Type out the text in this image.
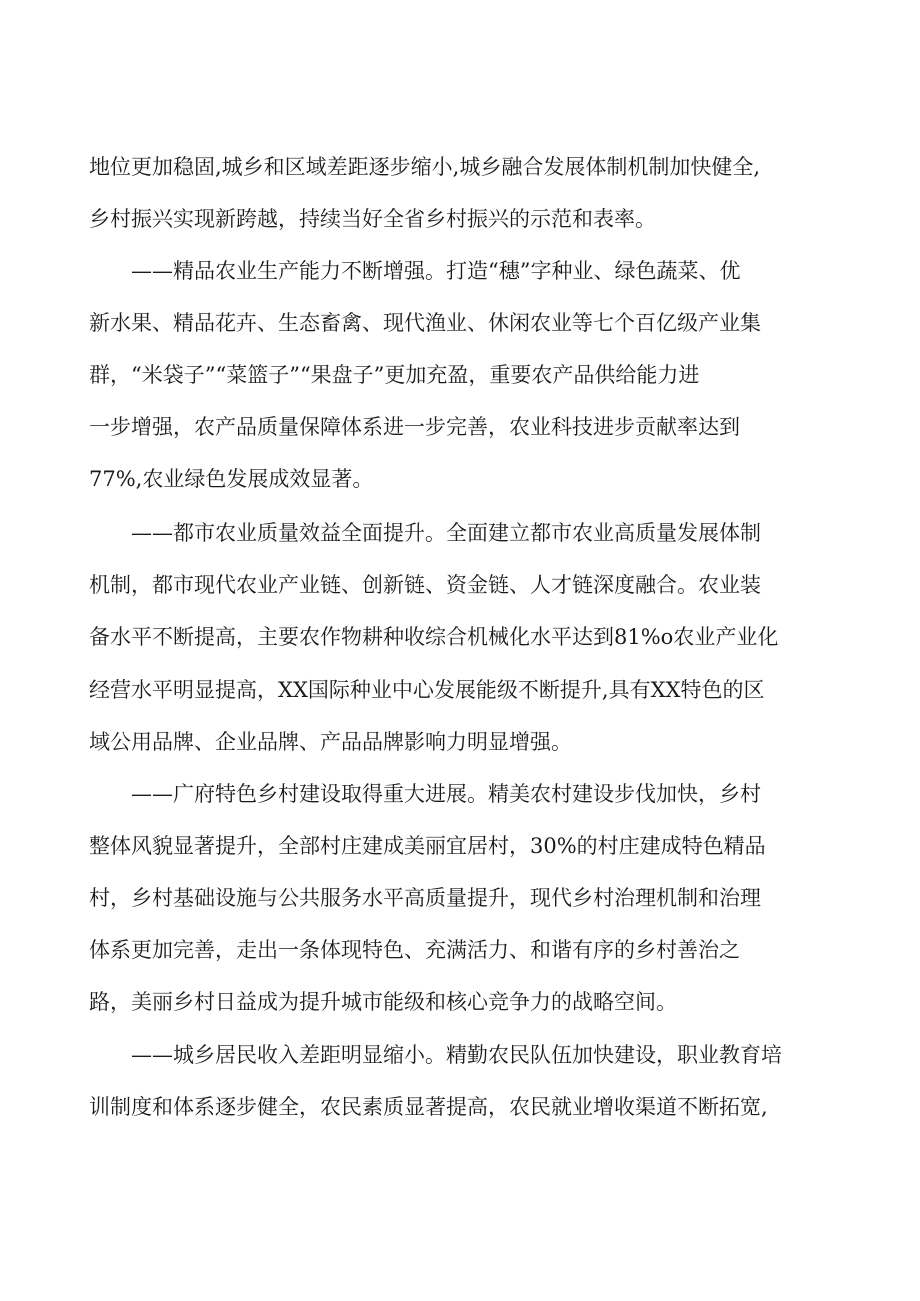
地位更加稳固,城乡和区域差距逐步缩小,城乡融合发展体制机制加快健全,
乡村振兴实现新跨越，持续当好全省乡村振兴的示范和表率。
——精品农业生产能力不断增强。打造“穗”字种业、绿色蔬菜、优
新水果、精品花卉、生态畜禽、现代渔业、休闲农业等七个百亿级产业集
群，“米袋子”“菜篮子”“果盘子”更加充盈，重要农产品供给能力进
一步增强，农产品质量保障体系进一步完善，农业科技进步贡献率达到
77%,农业绿色发展成效显著。
——都市农业质量效益全面提升。全面建立都市农业高质量发展体制
机制，都市现代农业产业链、创新链、资金链、人才链深度融合。农业装
备水平不断提高，主要农作物耕种收综合机械化水平达到81%o农业产业化
经营水平明显提高，XX国际种业中心发展能级不断提升,具有XX特色的区
域公用品牌、企业品牌、产品品牌影响力明显增强。
——广府特色乡村建设取得重大进展。精美农村建设步伐加快，乡村
整体风貌显著提升，全部村庄建成美丽宜居村，30%的村庄建成特色精品
村，乡村基础设施与公共服务水平高质量提升，现代乡村治理机制和治理
体系更加完善，走出一条体现特色、充满活力、和谐有序的乡村善治之
路，美丽乡村日益成为提升城市能级和核心竞争力的战略空间。
——城乡居民收入差距明显缩小。精勤农民队伍加快建设，职业教育培
训制度和体系逐步健全，农民素质显著提高，农民就业增收渠道不断拓宽,
